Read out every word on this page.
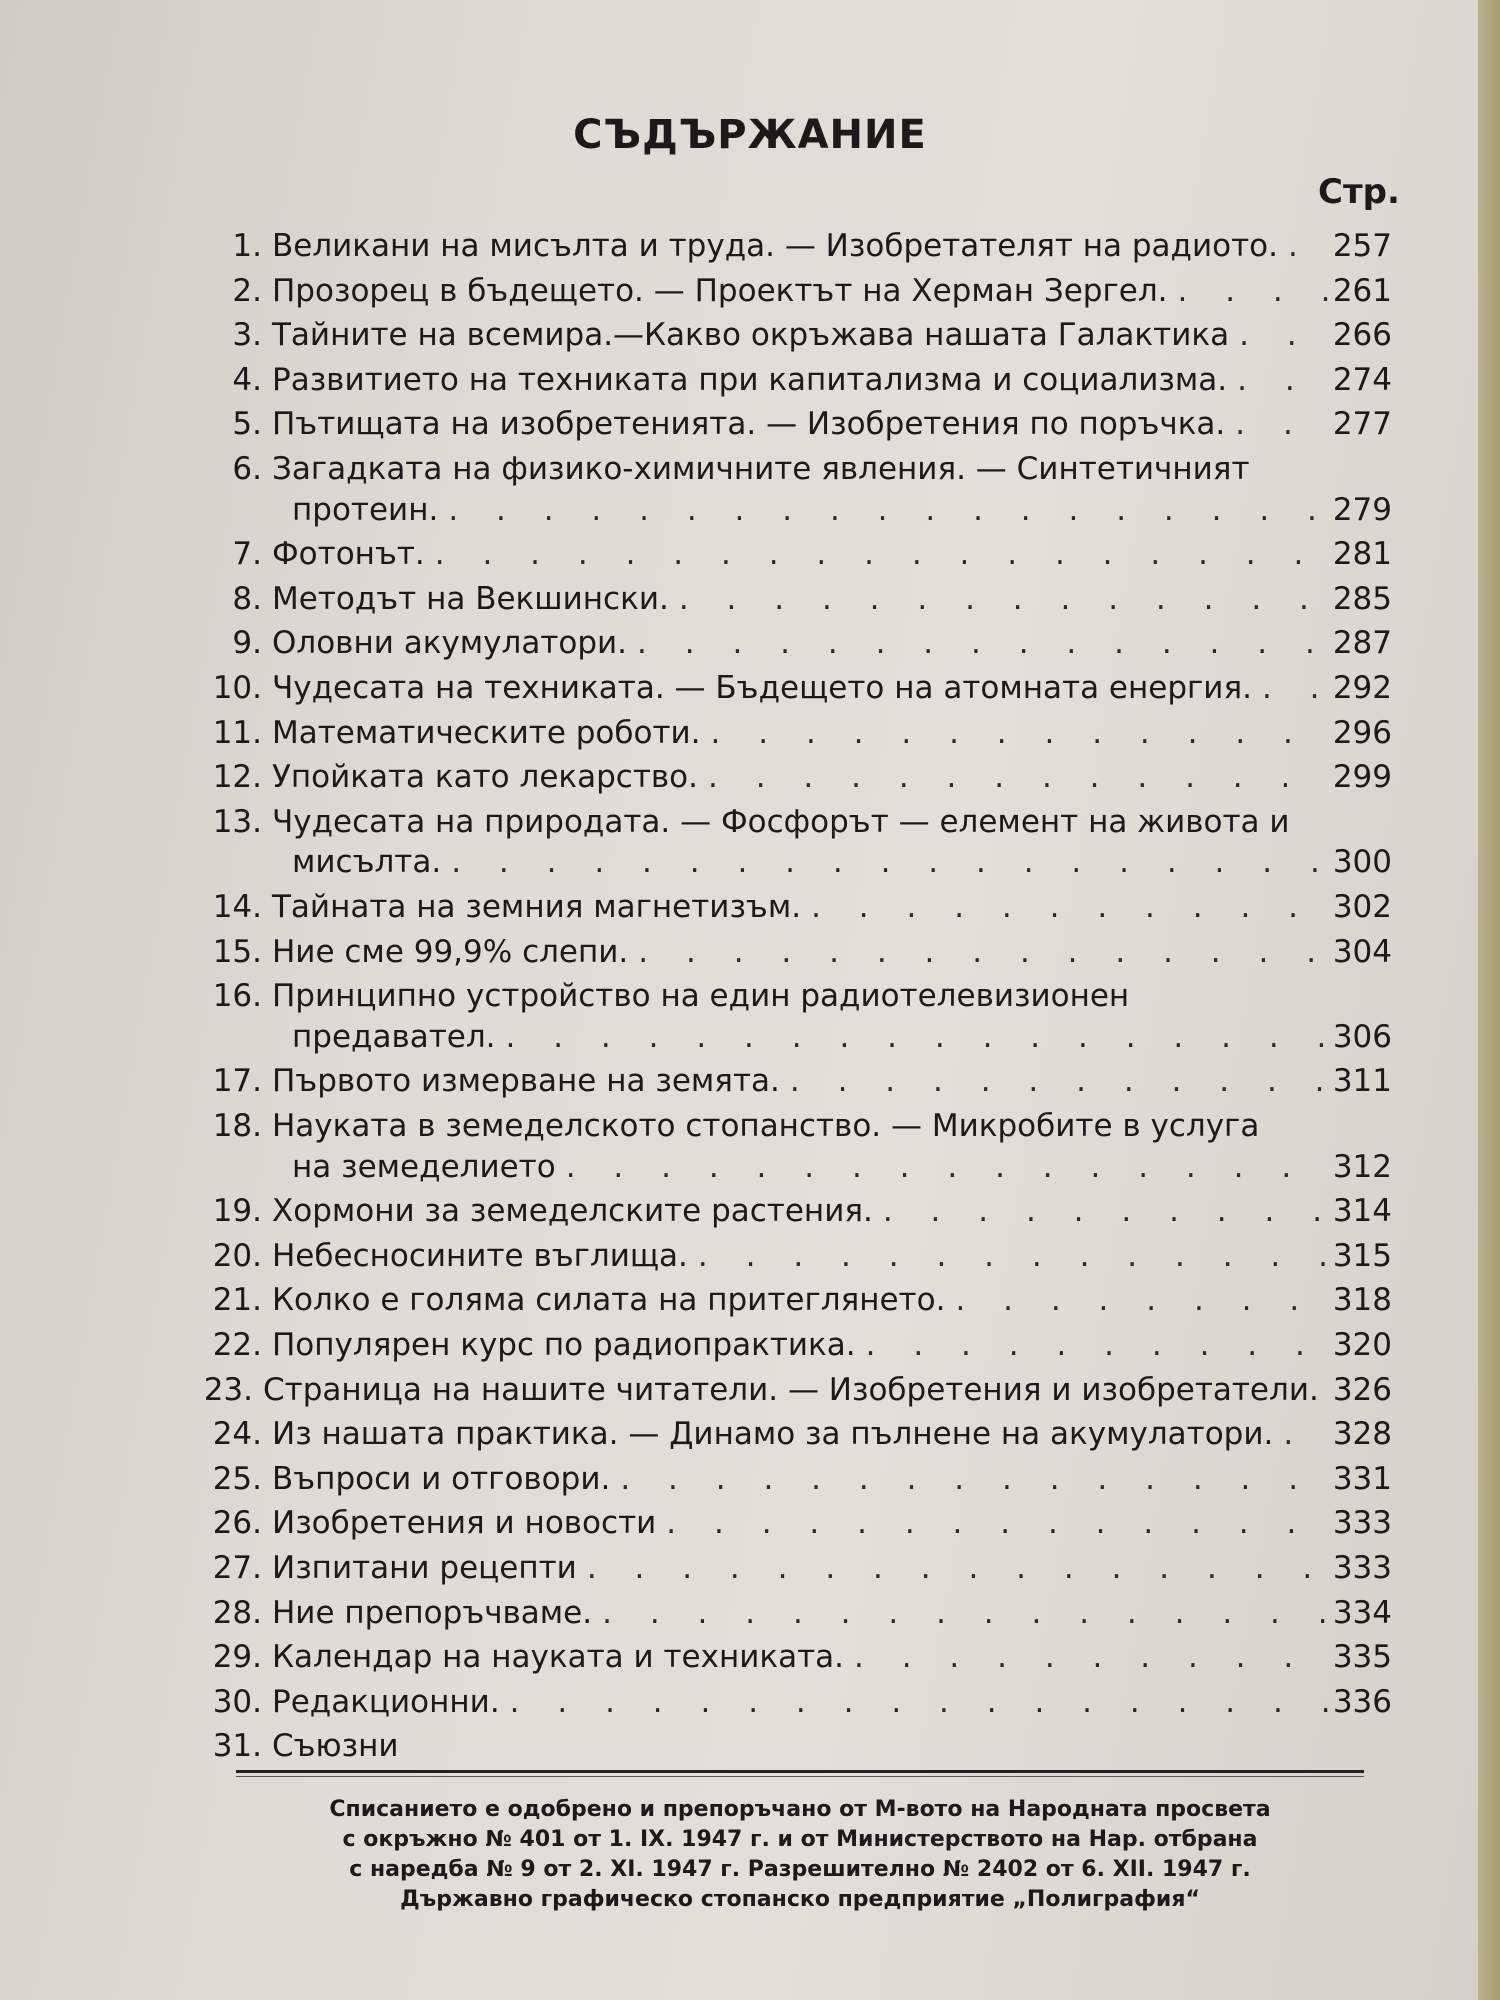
СЪДЪРЖАНИЕ
Стр.
1. Великани на мисълта и труда. — Изобретателят на радиото. . . . 257
2. Прозорец в бъдещето. — Проектът на Херман Зергел. . . .	261
3. Тайните на всемира.—Какво окръжава нашата Галактика . . .	266
4. Развитието на техниката при капитализма и социализма. . . .	274
5. Пътищата на изобретенията. — Изобретения по поръчка. . . .	277
6. Загадката на физико-химичните явления. — Синтетичният
протеин. . . .	279
7. Фотонът. . . .	281
8. Методът на Векшински. . . .	285
9. Оловни акумулатори. . . .	287
10. Чудесата на техниката. — Бъдещето на атомната енергия. . . .	292
11. Математическите роботи. . . .	296
12. Упойката като лекарство. . . .	299
13. Чудесата на природата. — Фосфорът — елемент на живота и
мисълта. . . .	300
14. Тайната на земния магнетизъм. . . .	302
15. Ние сме 99,9% слепи. . . .	304
16. Принципно устройство на един радиотелевизионен
предавател. . . .	306
17. Първото измерване на земята. . . .	311
18. Науката в земеделското стопанство. — Микробите в услуга
на земеделието . . .	312
19. Хормони за земеделските растения. . . .	314
20. Небесносините въглища. . . .	315
21. Колко е голяма силата на притеглянето. . . .	318
22. Популярен курс по радиопрактика. . . .	320
23. Страница на нашите читатели. — Изобретения и изобретатели. . . . 326
24. Из нашата практика. — Динамо за пълнене на акумулатори. . . . 328
25. Въпроси и отговори. . . .	331
26. Изобретения и новости . . .	333
27. Изпитани рецепти . . .	333
28. Ние препоръчваме. . . .	334
29. Календар на науката и техниката. . . .	335
30. Редакционни. . . .	336
31. Съюзни
Списанието е одобрено и препоръчано от М-вото на Народната просвета
с окръжно № 401 от 1. IX. 1947 г. и от Министерството на Нар. отбрана
с наредба № 9 от 2. XI. 1947 г. Разрешително № 2402 от 6. XII. 1947 г.
Държавно графическо стопанско предприятие „Полиграфия“
